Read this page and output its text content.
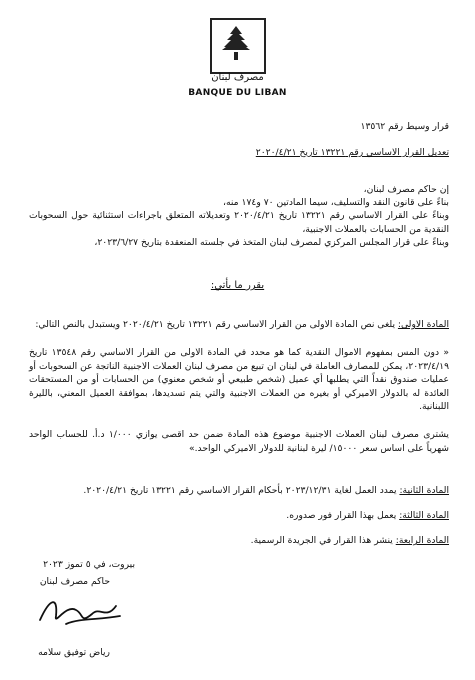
مصرف لبنان
BANQUE DU LIBAN
قرار وسيط رقم ١٣٥٦٢
تعديل القرار الاساسي رقم ١٣٢٢١ تاريخ ٢٠٢٠/٤/٢١
إن حاكم مصرف لبنان،
بناءً على قانون النقد والتسليف، سيما المادتين ٧٠ و١٧٤ منه،
وبناءً على القرار الاساسي رقم ١٣٢٢١ تاريخ ٢٠٢٠/٤/٢١ وتعديلاته المتعلق باجراءات استثنائية حول السحوبات النقدية من الحسابات بالعملات الاجنبية،
وبناءً على قرار المجلس المركزي لمصرف لبنان المتخذ في جلسته المنعقدة بتاريخ ٢٠٢٣/٦/٢٧،
يقرر ما يأتي:
المادة الاولى: يلغى نص المادة الاولى من القرار الاساسي رقم ١٣٢٢١ تاريخ ٢٠٢٠/٤/٢١ ويستبدل بالنص التالي:
« دون المس بمفهوم الاموال النقدية كما هو محدد في المادة الاولى من القرار الاساسي رقم ١٣٥٤٨ تاريخ ٢٠٢٣/٤/١٩، يمكن للمصارف العاملة في لبنان ان تبيع من مصرف لبنان العملات الاجنبية الناتجة عن السحوبات أو عمليات صندوق نقداً التي يطلبها أي عميل (شخص طبيعي أو شخص معنوي) من الحسابات أو من المستحقات العائدة له بالدولار الاميركي أو بغيره من العملات الاجنبية والتي يتم تسديدها، بموافقة العميل المعني، بالليرة اللبنانية.
يشترى مصرف لبنان العملات الاجنبية موضوع هذه المادة ضمن حد اقصى يوازي ١/٠٠٠ د.أ. للحساب الواحد شهرياً على اساس سعر ١٥٠٠٠/ ليرة لبنانية للدولار الاميركي الواحد.»
المادة الثانية: يمدد العمل لغاية ٢٠٢٣/١٢/٣١ بأحكام القرار الاساسي رقم ١٣٢٢١ تاريخ ٢٠٢٠/٤/٢١.
المادة الثالثة: يعمل بهذا القرار فور صدوره.
المادة الرابعة: ينشر هذا القرار في الجريدة الرسمية.
بيروت، في ٥ تموز ٢٠٢٣
حاكم مصرف لبنان
رياض توفيق سلامه
